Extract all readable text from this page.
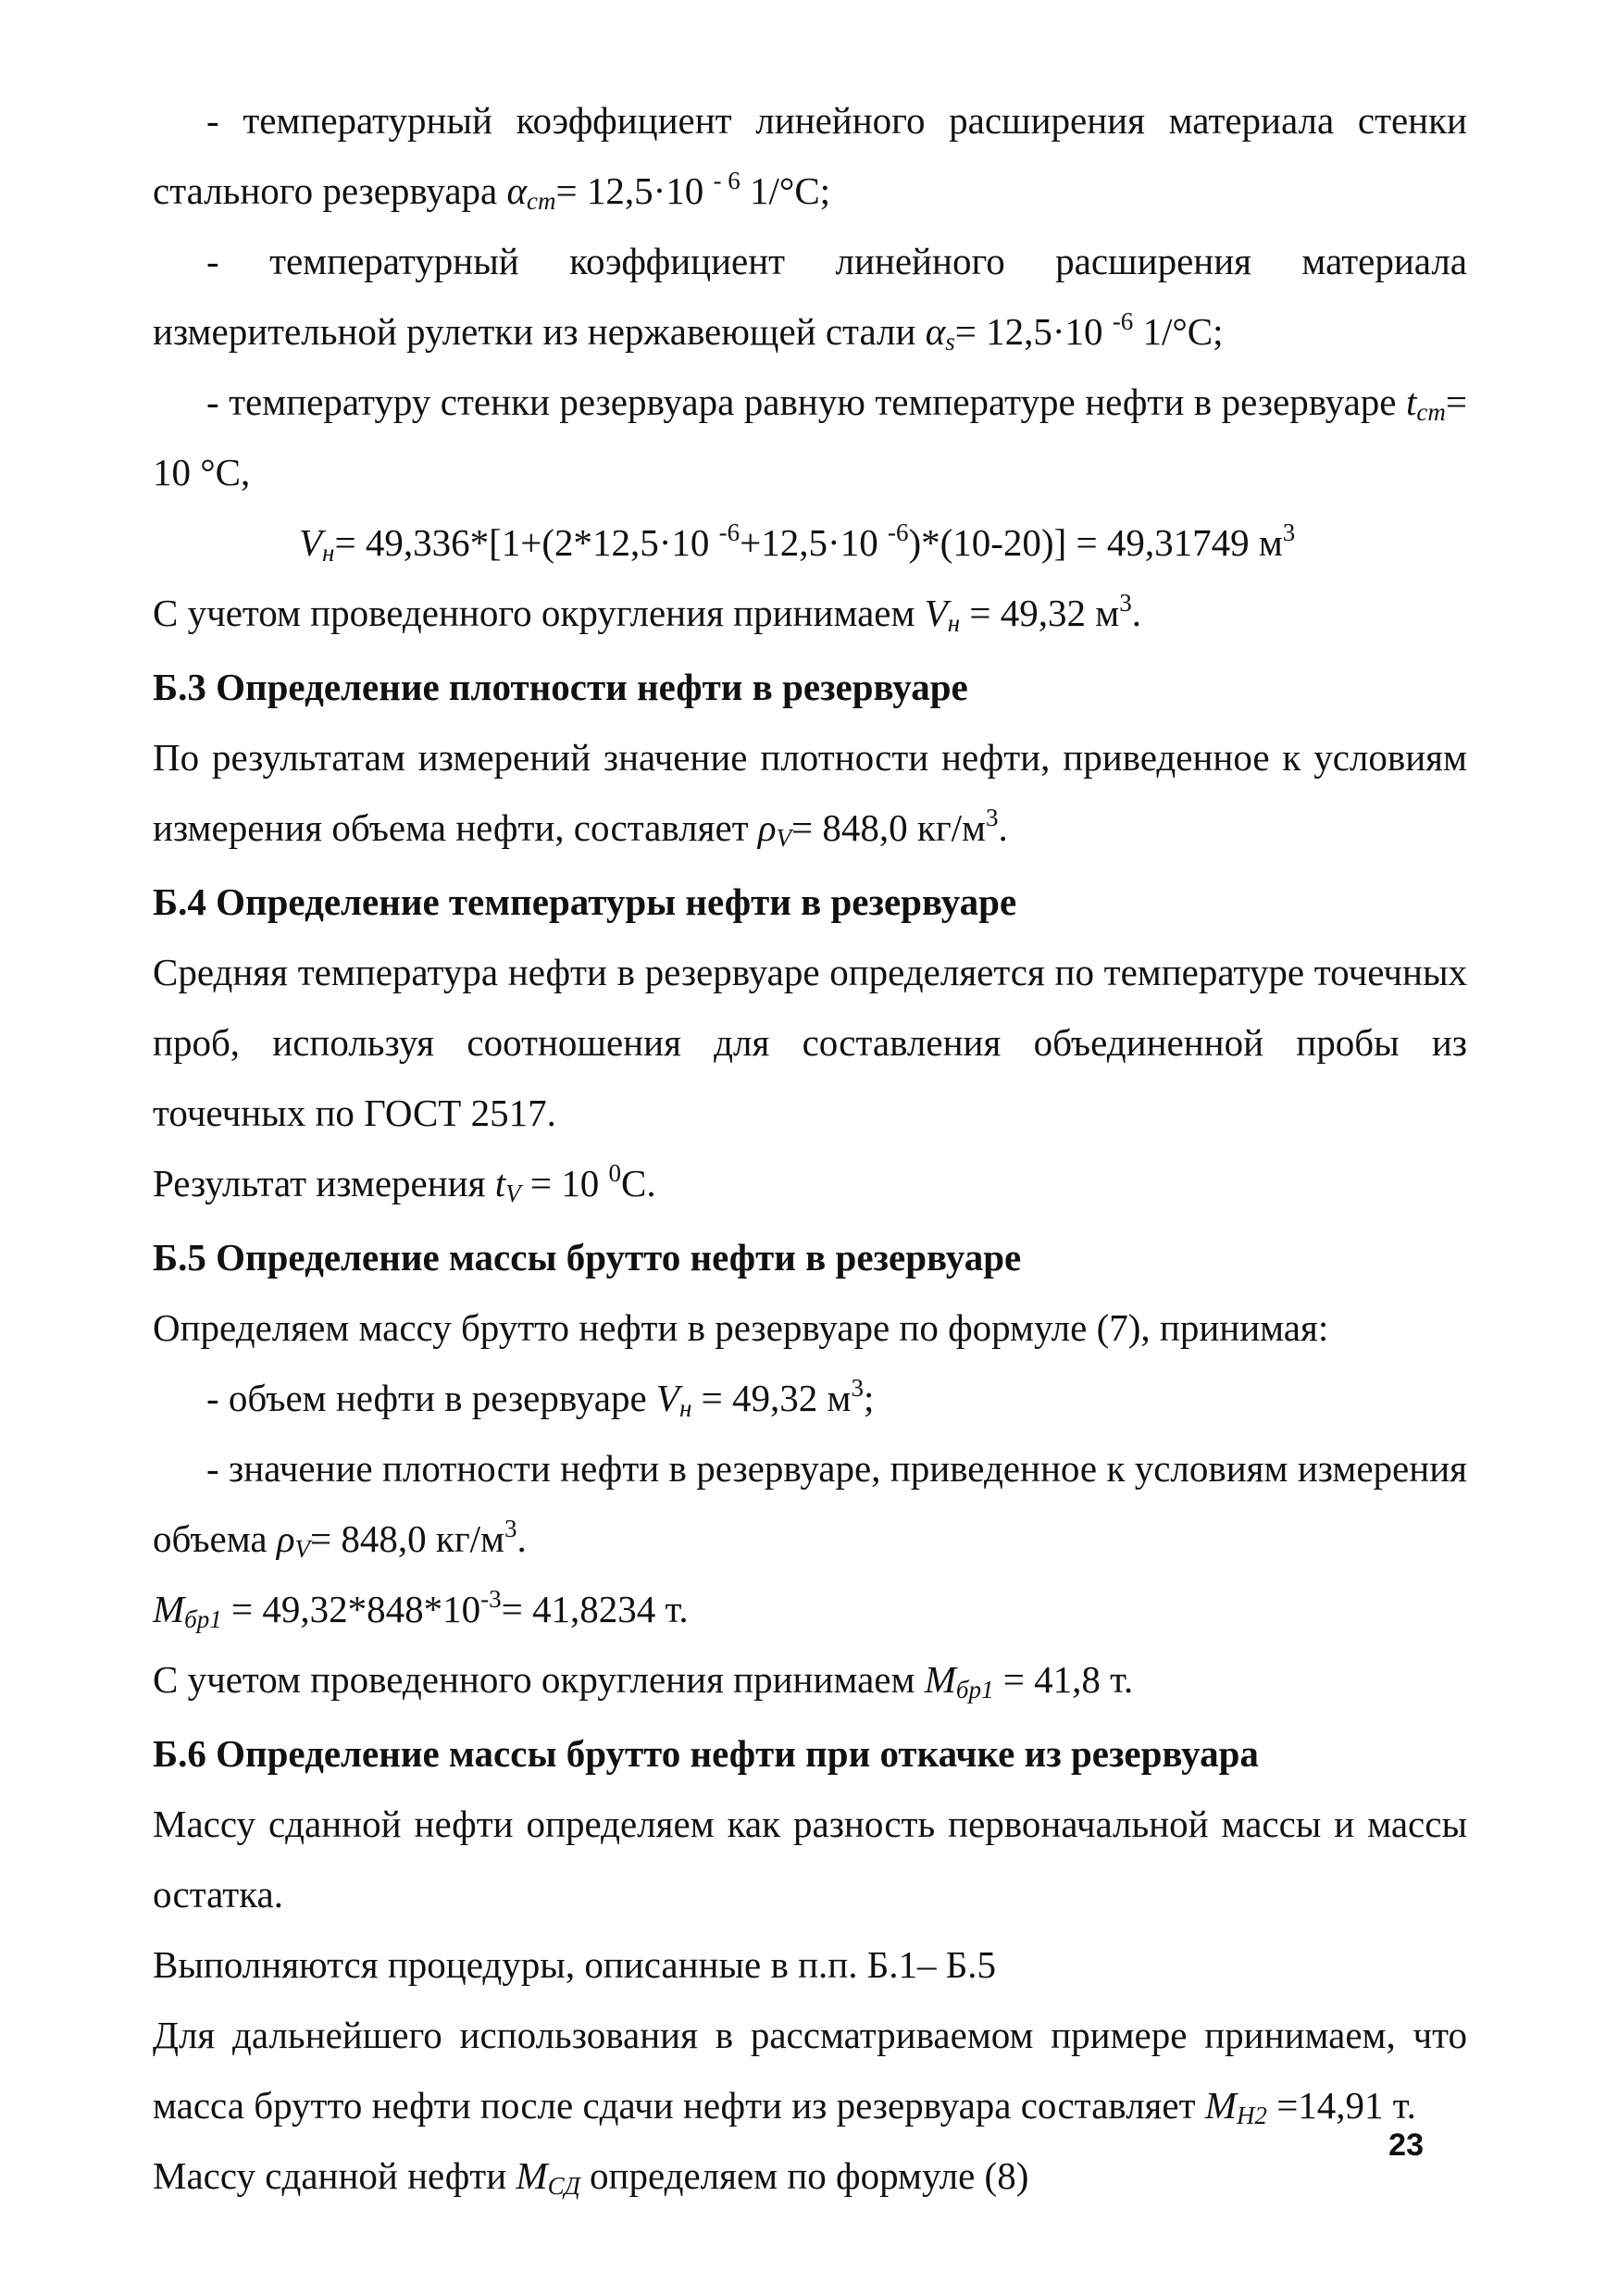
- температурный коэффициент линейного расширения материала стенки стального резервуара $\alpha_{ст}= 12,5\cdot 10$ $^{- 6}$ 1/°C;

- температурный коэффициент линейного расширения материала измерительной рулетки из нержавеющей стали $\alpha_s= 12,5\cdot 10$ $^{-6}$ 1/°C;

- температуру стенки резервуара равную температуре нефти в резервуаре $t_{ст}= 10$ °C,

$V_н= 49,336*[1+(2*12,5\cdot 10$ $^{-6}$+12,5·10 $^{-6}$)*(10-20)] = 49,31749 $м^3$

С учетом проведенного округления принимаем $V_н = 49,32$ $м^3$.

Б.3 Определение плотности нефти в резервуаре

По результатам измерений значение плотности нефти, приведенное к условиям измерения объема нефти, составляет $\rho_V= 848,0$ $кг/м^3$.

Б.4 Определение температуры нефти в резервуаре

Средняя температура нефти в резервуаре определяется по температуре точечных проб, используя соотношения для составления объединенной пробы из точечных по ГОСТ 2517.

Результат измерения $t_V = 10$ $^0$С.

Б.5 Определение массы брутто нефти в резервуаре

Определяем массу брутто нефти в резервуаре по формуле (7), принимая:

- объем нефти в резервуаре $V_н = 49,32$ $м^3$;

- значение плотности нефти в резервуаре, приведенное к условиям измерения объема $\rho_V= 848,0$ $кг/м^3$.

$M_{бр1} = 49,32*848*10^{-3}= 41,8234$ т.

С учетом проведенного округления принимаем $M_{бр1} = 41,8$ т.

Б.6 Определение массы брутто нефти при откачке из резервуара

Массу сданной нефти определяем как разность первоначальной массы и массы остатка.

Выполняются процедуры, описанные в п.п. Б.1– Б.5

Для дальнейшего использования в рассматриваемом примере принимаем, что масса брутто нефти после сдачи нефти из резервуара составляет $M_{Н2} =14,91$ т.

Массу сданной нефти $M_{СД}$ определяем по формуле (8)

23
